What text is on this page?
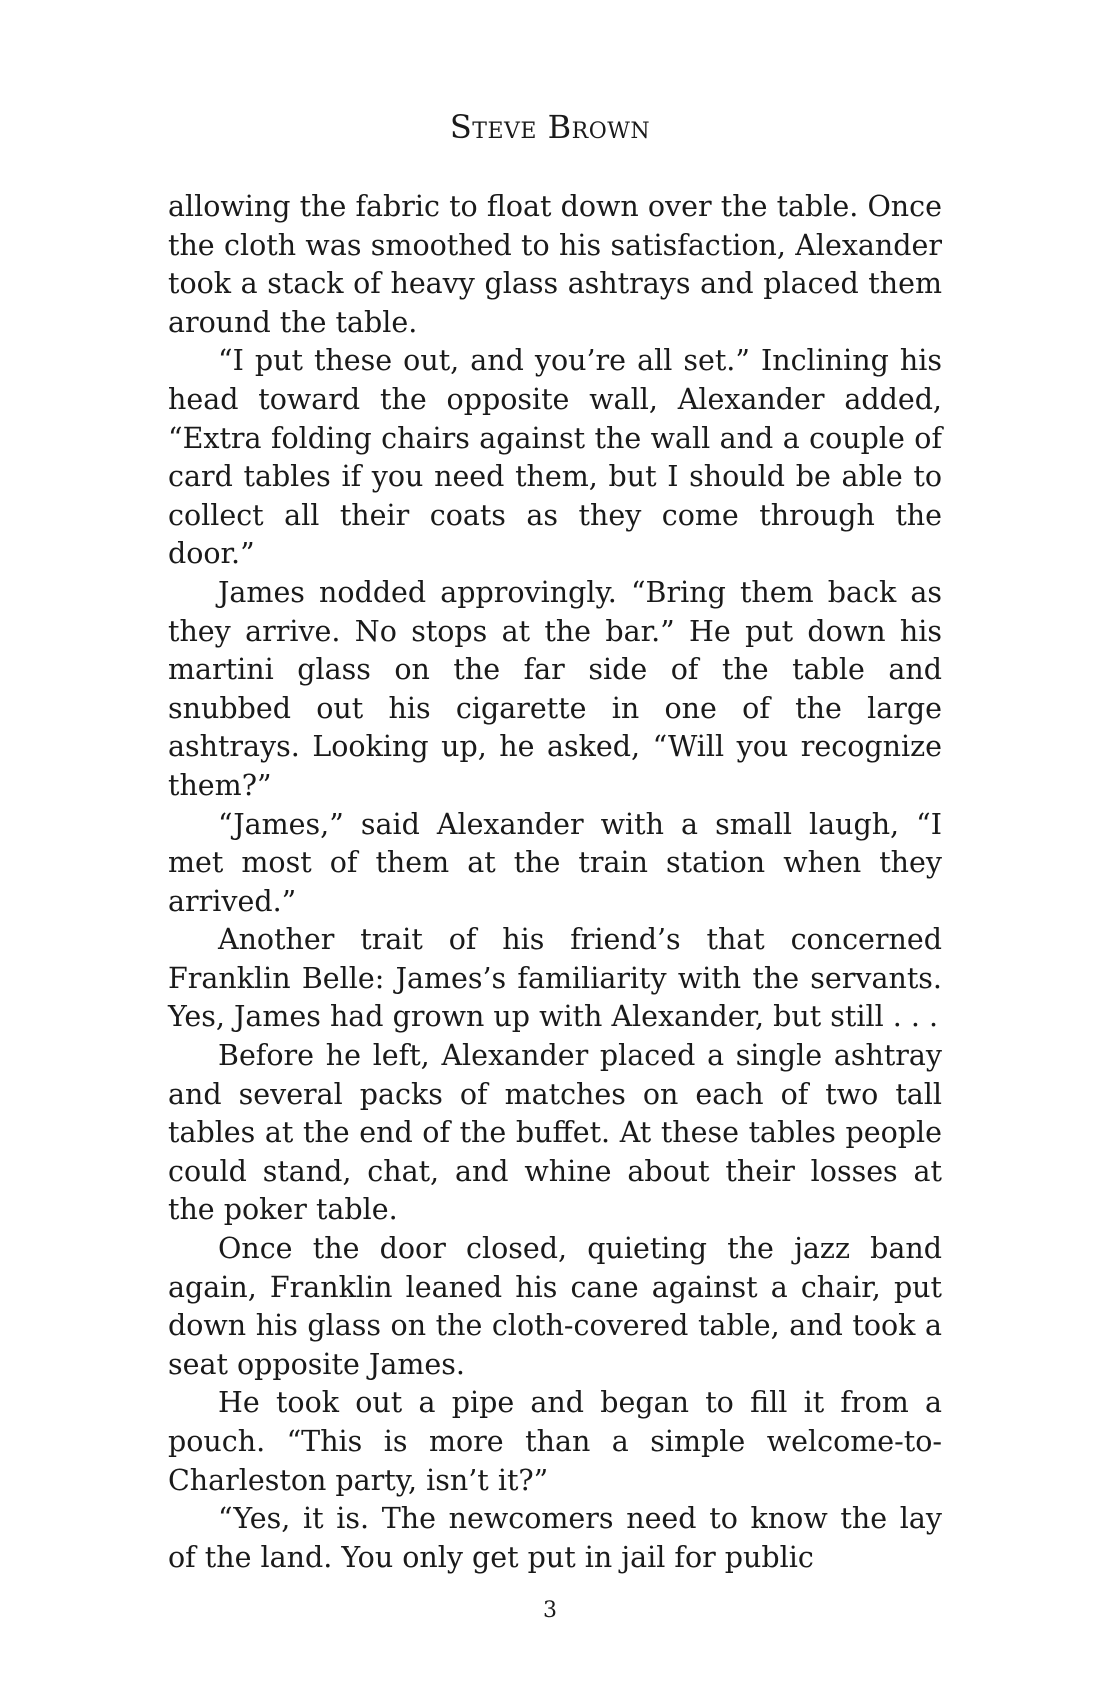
Steve Brown

allowing the fabric to float down over the table. Once the cloth was smoothed to his satisfaction, Alexander took a stack of heavy glass ashtrays and placed them around the table.

“I put these out, and you’re all set.” Inclining his head toward the opposite wall, Alexander added, “Extra folding chairs against the wall and a couple of card tables if you need them, but I should be able to collect all their coats as they come through the door.”

James nodded approvingly. “Bring them back as they arrive. No stops at the bar.” He put down his martini glass on the far side of the table and snubbed out his cigarette in one of the large ashtrays. Looking up, he asked, “Will you recognize them?”

“James,” said Alexander with a small laugh, “I met most of them at the train station when they arrived.”

Another trait of his friend’s that concerned Franklin Belle: James’s familiarity with the servants. Yes, James had grown up with Alexander, but still . . .

Before he left, Alexander placed a single ashtray and several packs of matches on each of two tall tables at the end of the buffet. At these tables people could stand, chat, and whine about their losses at the poker table.

Once the door closed, quieting the jazz band again, Franklin leaned his cane against a chair, put down his glass on the cloth-covered table, and took a seat opposite James.

He took out a pipe and began to fill it from a pouch. “This is more than a simple welcome-to-Charleston party, isn’t it?”

“Yes, it is. The newcomers need to know the lay of the land. You only get put in jail for public

3
